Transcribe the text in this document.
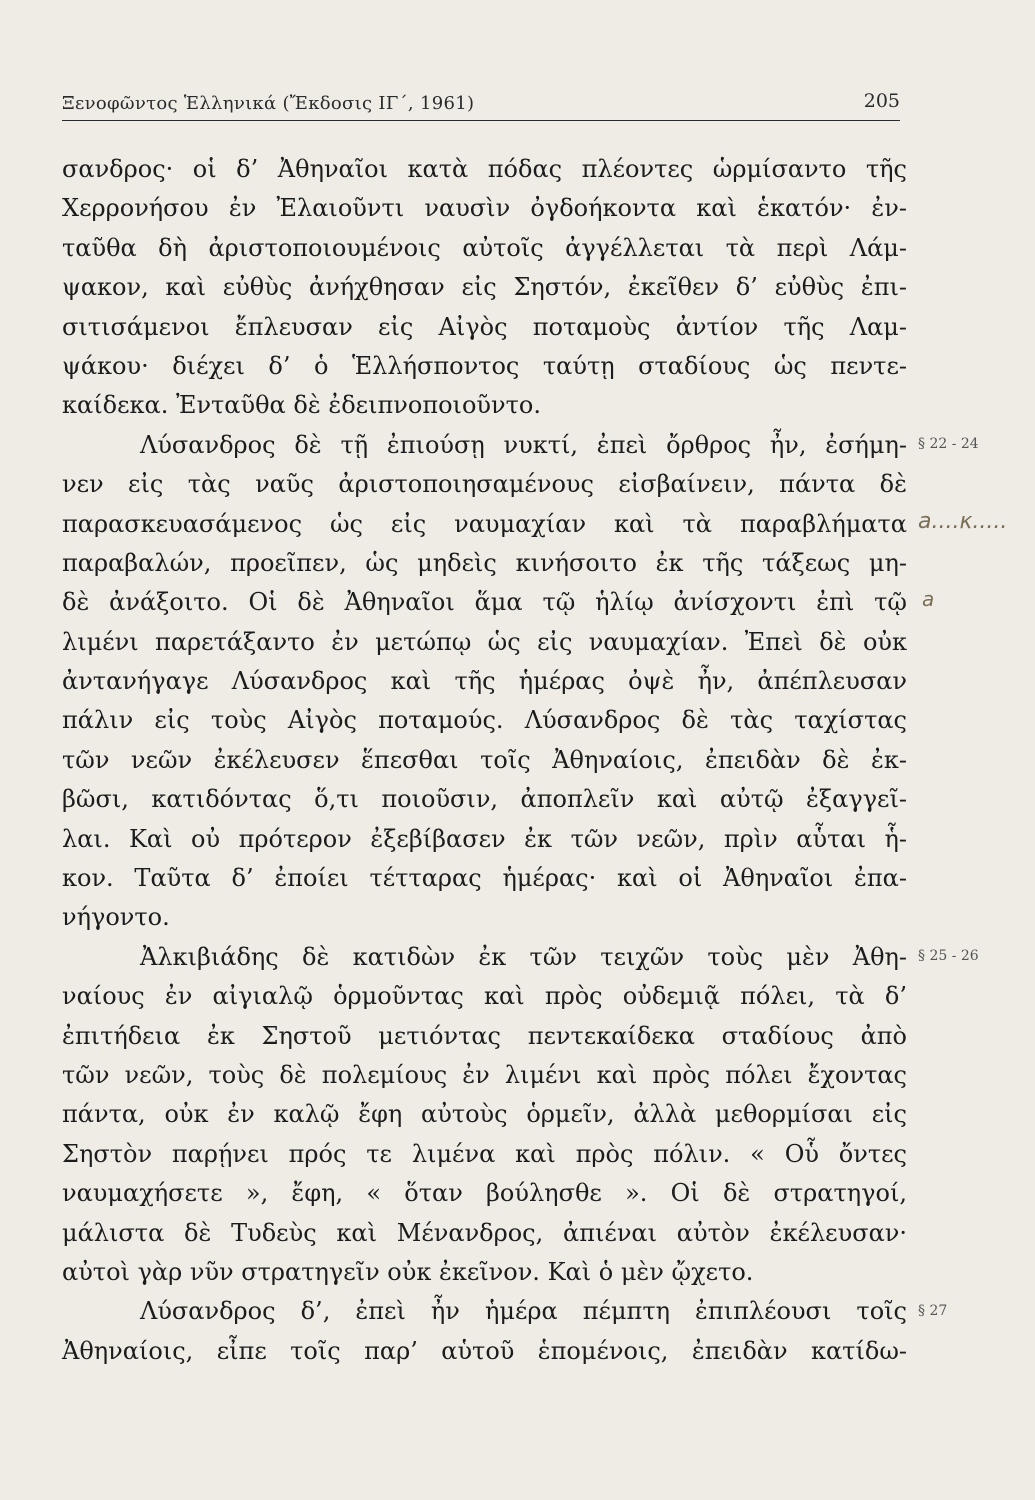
Ξενοφῶντος Ἑλληνικά (Ἔκδοσις ΙΓ΄, 1961)	205
σανδρος· οἱ δ’ Ἀθηναῖοι κατὰ πόδας πλέοντες ὡρμίσαντο τῆς
Χερρονήσου ἐν Ἐλαιοῦντι ναυσὶν ὀγδοήκοντα καὶ ἑκατόν· ἐν-
ταῦθα δὴ ἀριστοποιουμένοις αὐτοῖς ἀγγέλλεται τὰ περὶ Λάμ-
ψακον, καὶ εὐθὺς ἀνήχθησαν εἰς Σηστόν, ἐκεῖθεν δ’ εὐθὺς ἐπι-
σιτισάμενοι ἔπλευσαν εἰς Αἰγὸς ποταμοὺς ἀντίον τῆς Λαμ-
ψάκου· διέχει δ’ ὁ Ἑλλήσποντος ταύτῃ σταδίους ὡς πεντε-
καίδεκα. Ἐνταῦθα δὲ ἐδειπνοποιοῦντο.
Λύσανδρος δὲ τῇ ἐπιούσῃ νυκτί, ἐπεὶ ὄρθρος ἦν, ἐσήμη-
νεν εἰς τὰς ναῦς ἀριστοποιησαμένους εἰσβαίνειν, πάντα δὲ
παρασκευασάμενος ὡς εἰς ναυμαχίαν καὶ τὰ παραβλήματα
παραβαλών, προεῖπεν, ὡς μηδεὶς κινήσοιτο ἐκ τῆς τάξεως μη-
δὲ ἀνάξοιτο. Οἱ δὲ Ἀθηναῖοι ἅμα τῷ ἡλίῳ ἀνίσχοντι ἐπὶ τῷ
λιμένι παρετάξαντο ἐν μετώπῳ ὡς εἰς ναυμαχίαν. Ἐπεὶ δὲ οὐκ
ἀντανήγαγε Λύσανδρος καὶ τῆς ἡμέρας ὀψὲ ἦν, ἀπέπλευσαν
πάλιν εἰς τοὺς Αἰγὸς ποταμούς. Λύσανδρος δὲ τὰς ταχίστας
τῶν νεῶν ἐκέλευσεν ἕπεσθαι τοῖς Ἀθηναίοις, ἐπειδὰν δὲ ἐκ-
βῶσι, κατιδόντας ὅ,τι ποιοῦσιν, ἀποπλεῖν καὶ αὐτῷ ἐξαγγεῖ-
λαι. Καὶ οὐ πρότερον ἐξεβίβασεν ἐκ τῶν νεῶν, πρὶν αὗται ἧ-
κον. Ταῦτα δ’ ἐποίει τέτταρας ἡμέρας· καὶ οἱ Ἀθηναῖοι ἐπα-
νήγοντο.
Ἀλκιβιάδης δὲ κατιδὼν ἐκ τῶν τειχῶν τοὺς μὲν Ἀθη-
ναίους ἐν αἰγιαλῷ ὁρμοῦντας καὶ πρὸς οὐδεμιᾷ πόλει, τὰ δ’
ἐπιτήδεια ἐκ Σηστοῦ μετιόντας πεντεκαίδεκα σταδίους ἀπὸ
τῶν νεῶν, τοὺς δὲ πολεμίους ἐν λιμένι καὶ πρὸς πόλει ἔχοντας
πάντα, οὐκ ἐν καλῷ ἔφη αὐτοὺς ὁρμεῖν, ἀλλὰ μεθορμίσαι εἰς
Σηστὸν παρῄνει πρός τε λιμένα καὶ πρὸς πόλιν. « Οὗ ὄντες
ναυμαχήσετε », ἔφη, « ὅταν βούλησθε ». Οἱ δὲ στρατηγοί,
μάλιστα δὲ Τυδεὺς καὶ Μένανδρος, ἀπιέναι αὐτὸν ἐκέλευσαν·
αὐτοὶ γὰρ νῦν στρατηγεῖν οὐκ ἐκεῖνον. Καὶ ὁ μὲν ᾤχετο.
Λύσανδρος δ’, ἐπεὶ ἦν ἡμέρα πέμπτη ἐπιπλέουσι τοῖς
Ἀθηναίοις, εἶπε τοῖς παρ’ αὑτοῦ ἑπομένοις, ἐπειδὰν κατίδω-
§ 22 - 24
§ 25 - 26
§ 27
a....κ.....
a
